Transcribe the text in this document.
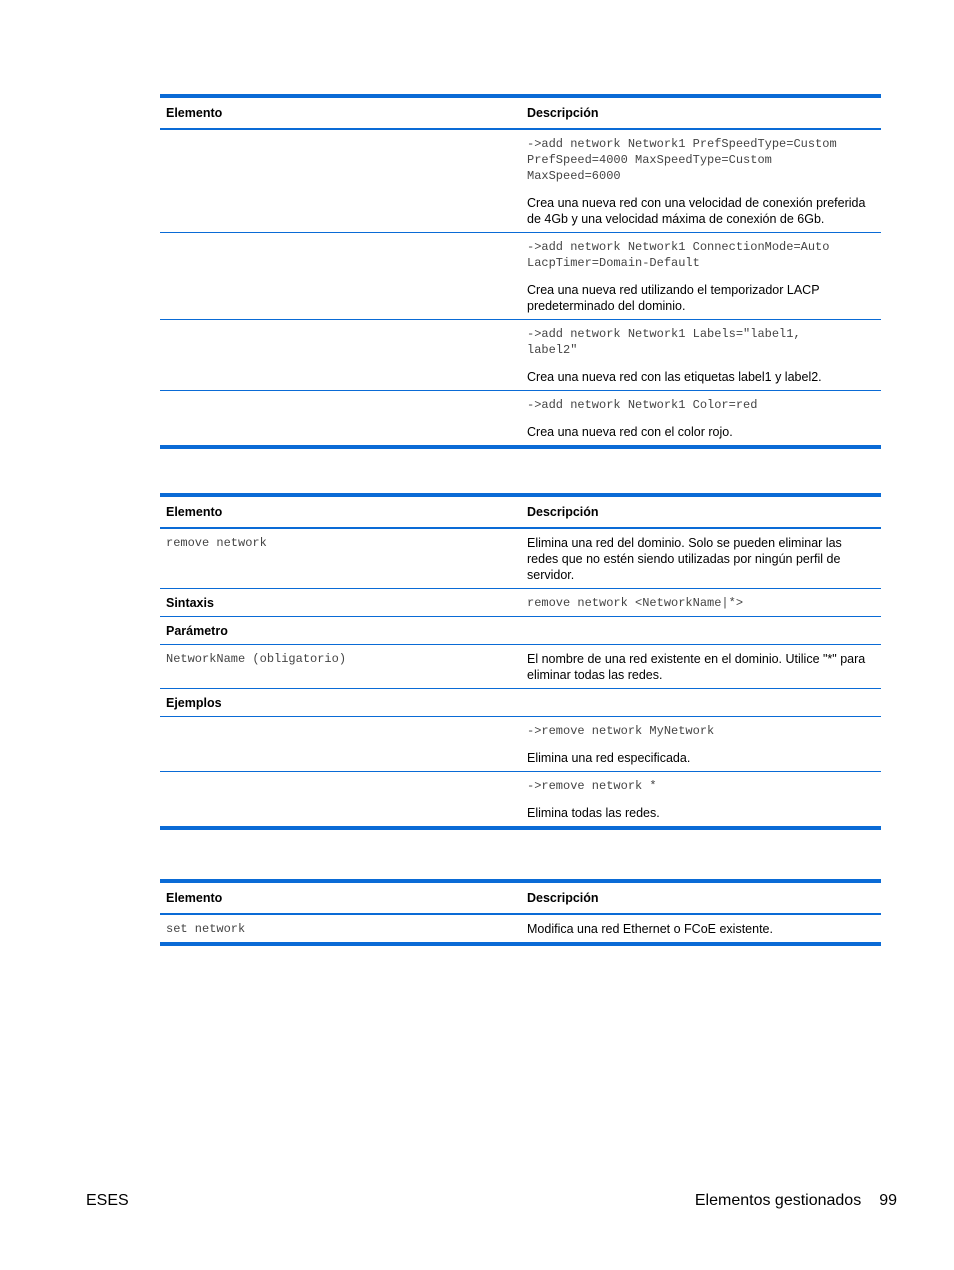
Elemento	Descripción
->add network Network1 PrefSpeedType=Custom
PrefSpeed=4000 MaxSpeedType=Custom
MaxSpeed=6000
Crea una nueva red con una velocidad de conexión preferida de 4Gb y una velocidad máxima de conexión de 6Gb.
->add network Network1 ConnectionMode=Auto
LacpTimer=Domain-Default
Crea una nueva red utilizando el temporizador LACP predeterminado del dominio.
->add network Network1 Labels="label1,
label2"
Crea una nueva red con las etiquetas label1 y label2.
->add network Network1 Color=red
Crea una nueva red con el color rojo.
Elemento	Descripción
remove network	Elimina una red del dominio. Solo se pueden eliminar las redes que no estén siendo utilizadas por ningún perfil de servidor.
Sintaxis	remove network <NetworkName|*>
Parámetro
NetworkName (obligatorio)	El nombre de una red existente en el dominio. Utilice "*" para eliminar todas las redes.
Ejemplos
->remove network MyNetwork
Elimina una red especificada.
->remove network *
Elimina todas las redes.
Elemento	Descripción
set network	Modifica una red Ethernet o FCoE existente.
ESES	Elementos gestionados 99
